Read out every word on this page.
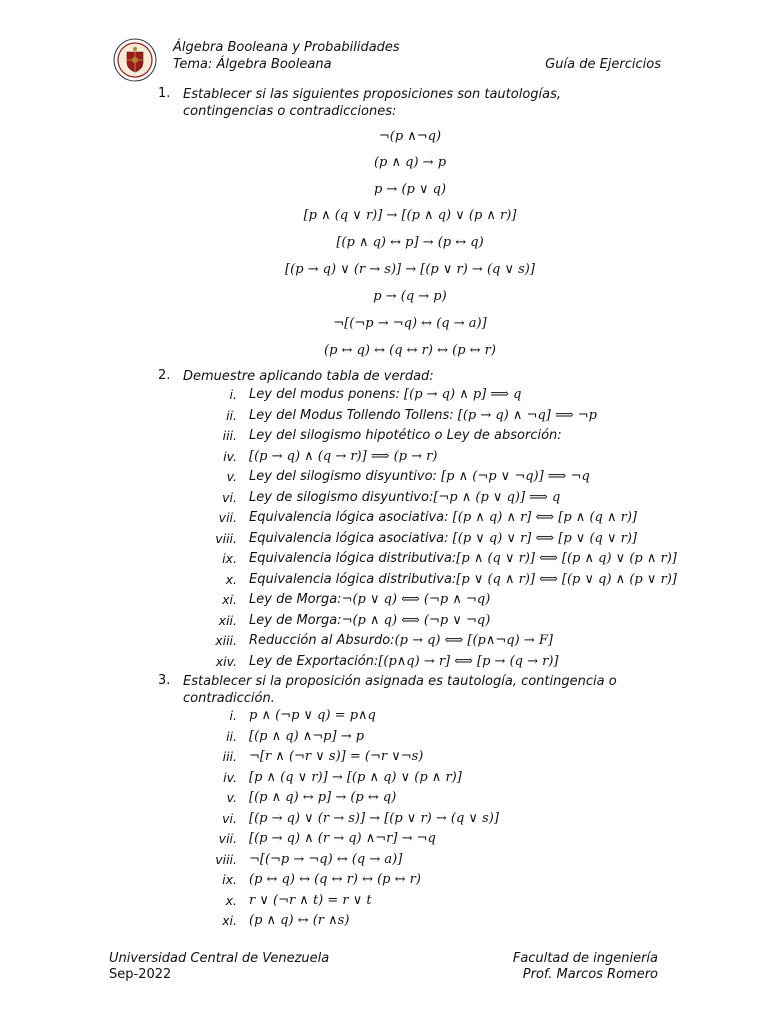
Álgebra Booleana y Probabilidades
Tema: Álgebra Booleana	Guía de Ejercicios
1. Establecer si las siguientes proposiciones son tautologías, contingencias o contradicciones:
¬(p ∧¬q)
(p ∧ q) → p
p → (p ∨ q)
[p ∧ (q ∨ r)] → [(p ∧ q) ∨ (p ∧ r)]
[(p ∧ q) ↔ p] → (p ↔ q)
[(p → q) ∨ (r → s)] → [(p ∨ r) → (q ∨ s)]
p → (q → p)
¬[(¬p → ¬q) ↔ (q → a)]
(p ↔ q) ↔ (q ↔ r) ↔ (p ↔ r)
2. Demuestre aplicando tabla de verdad:
i. Ley del modus ponens: [(p → q) ∧ p] ⟹ q
ii. Ley del Modus Tollendo Tollens: [(p → q) ∧ ¬q] ⟹ ¬p
iii. Ley del silogismo hipotético o Ley de absorción:
iv. [(p → q) ∧ (q → r)] ⟹ (p → r)
v. Ley del silogismo disyuntivo: [p ∧ (¬p ∨ ¬q)] ⟹ ¬q
vi. Ley de silogismo disyuntivo:[¬p ∧ (p ∨ q)] ⟹ q
vii. Equivalencia lógica asociativa: [(p ∧ q) ∧ r] ⟺ [p ∧ (q ∧ r)]
viii. Equivalencia lógica asociativa: [(p ∨ q) ∨ r] ⟺ [p ∨ (q ∨ r)]
ix. Equivalencia lógica distributiva:[p ∧ (q ∨ r)] ⟺ [(p ∧ q) ∨ (p ∧ r)]
x. Equivalencia lógica distributiva:[p ∨ (q ∧ r)] ⟺ [(p ∨ q) ∧ (p ∨ r)]
xi. Ley de Morga:¬(p ∨ q) ⟺ (¬p ∧ ¬q)
xii. Ley de Morga:¬(p ∧ q) ⟺ (¬p ∨ ¬q)
xiii. Reducción al Absurdo:(p → q) ⟺ [(p∧¬q) → F]
xiv. Ley de Exportación:[(p∧q) → r] ⟺ [p → (q → r)]
3. Establecer si la proposición asignada es tautología, contingencia o contradicción.
i. p ∧ (¬p ∨ q) = p∧q
ii. [(p ∧ q) ∧¬p] → p
iii. ¬[r ∧ (¬r ∨ s)] = (¬r ∨¬s)
iv. [p ∧ (q ∨ r)] → [(p ∧ q) ∨ (p ∧ r)]
v. [(p ∧ q) ↔ p] → (p ↔ q)
vi. [(p → q) ∨ (r → s)] → [(p ∨ r) → (q ∨ s)]
vii. [(p → q) ∧ (r → q) ∧¬r] → ¬q
viii. ¬[(¬p → ¬q) ↔ (q → a)]
ix. (p ↔ q) ↔ (q ↔ r) ↔ (p ↔ r)
x. r ∨ (¬r ∧ t) = r ∨ t
xi. (p ∧ q) ↔ (r ∧s)
Universidad Central de Venezuela
Sep-2022
Facultad de ingeniería
Prof. Marcos Romero
